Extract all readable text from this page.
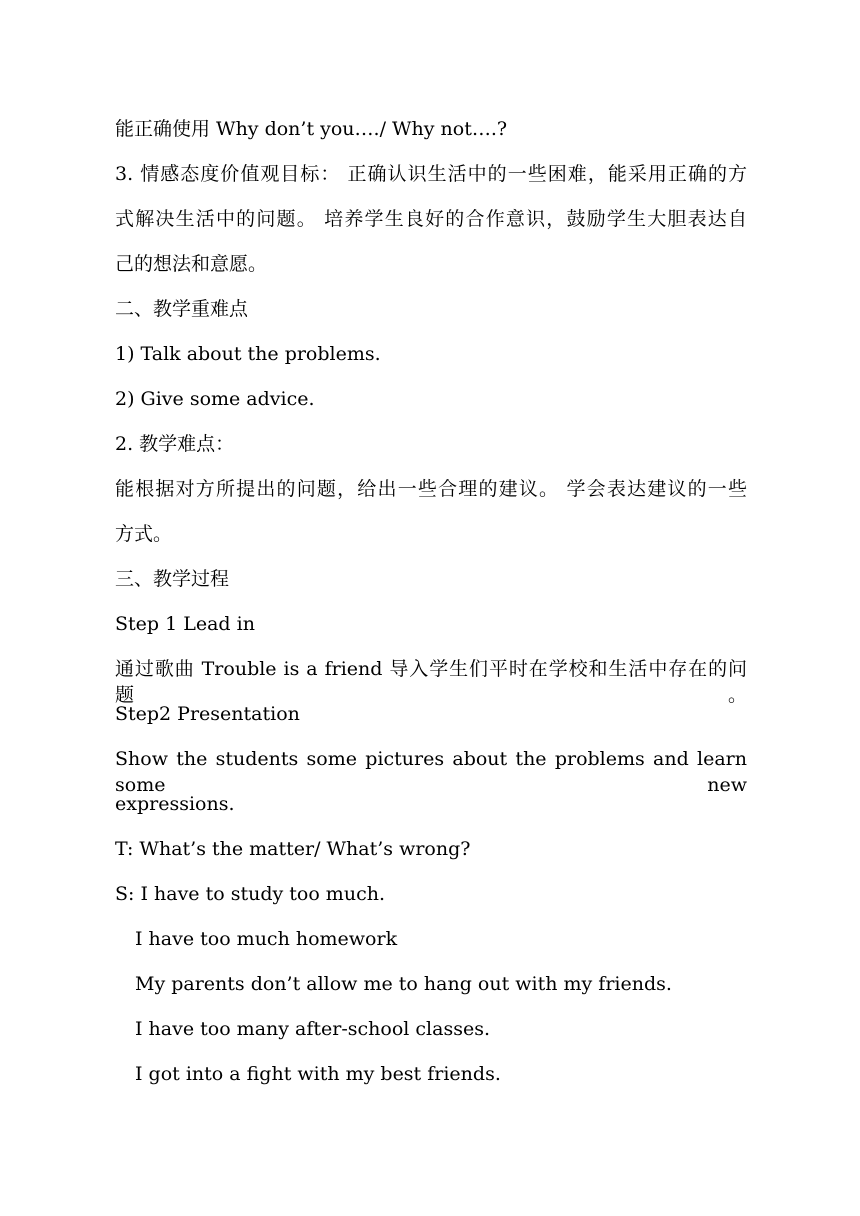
能正确使用 Why don’t you…./ Why not….?
3. 情感态度价值观目标： 正确认识生活中的一些困难，能采用正确的方
式解决生活中的问题。 培养学生良好的合作意识，鼓励学生大胆表达自
己的想法和意愿。
二、教学重难点
1) Talk about the problems.
2) Give some advice.
2. 教学难点：
能根据对方所提出的问题，给出一些合理的建议。 学会表达建议的一些
方式。
三、教学过程
Step 1 Lead in
通过歌曲 Trouble is a friend 导入学生们平时在学校和生活中存在的问题。
Step2 Presentation
Show the students some pictures about the problems and learn some new
expressions.
T: What’s the matter/ What’s wrong?
S: I have to study too much.
I have too much homework
My parents don’t allow me to hang out with my friends.
I have too many after-school classes.
I got into a fight with my best friends.
